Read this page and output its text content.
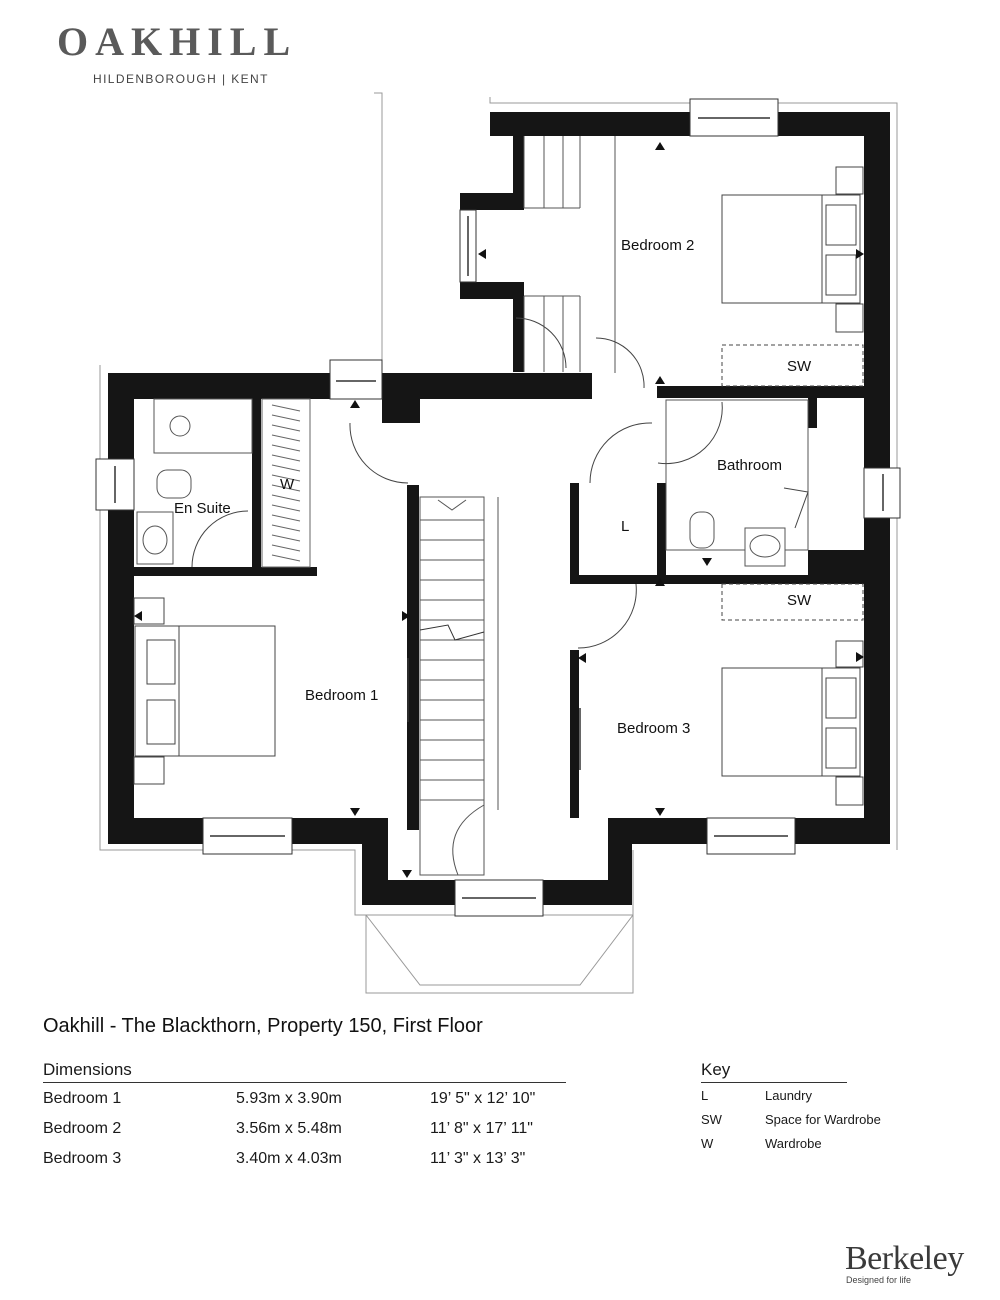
OAKHILL
HILDENBOROUGH | KENT
Bedroom 2
Bedroom 1
Bedroom 3
Bathroom
En Suite
L
W
SW
SW
Oakhill - The Blackthorn, Property 150, First Floor
Dimensions
Bedroom 1	5.93m x 3.90m	19’ 5" x 12’ 10"
Bedroom 2	3.56m x 5.48m	11’ 8" x 17’ 11"
Bedroom 3	3.40m x 4.03m	11’ 3" x 13’ 3"
Key
L	Laundry
SW	Space for Wardrobe
W	Wardrobe
Berkeley
Designed for life
